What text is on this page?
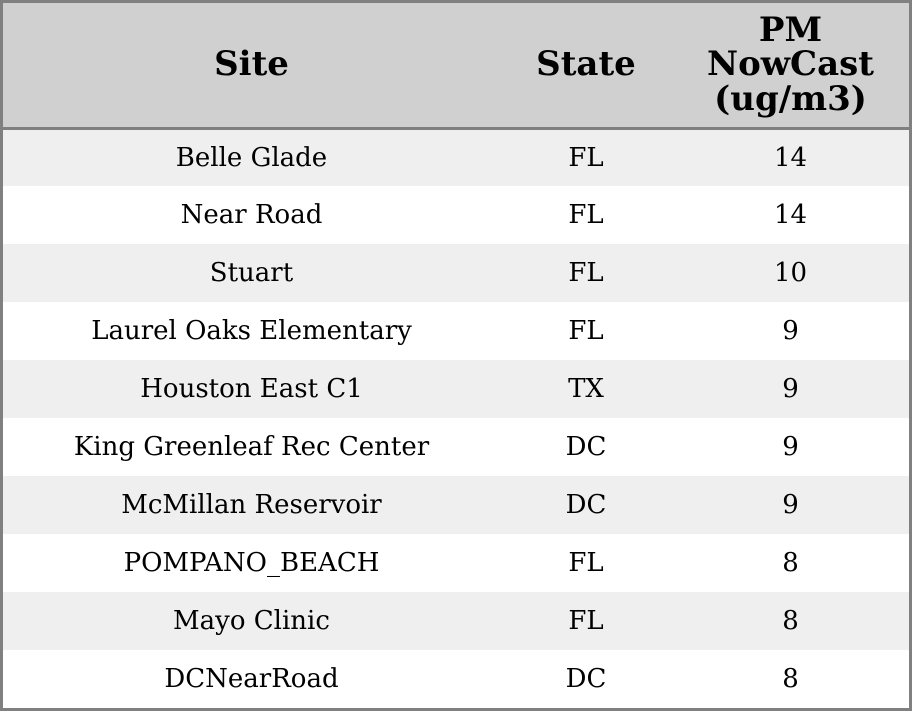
Site	State	PM
NowCast
(ug/m3)

Belle Glade	FL	14
Near Road	FL	14
Stuart	FL	10
Laurel Oaks Elementary	FL	9
Houston East C1	TX	9
King Greenleaf Rec Center	DC	9
McMillan Reservoir	DC	9
POMPANO_BEACH	FL	8
Mayo Clinic	FL	8
DCNearRoad	DC	8
